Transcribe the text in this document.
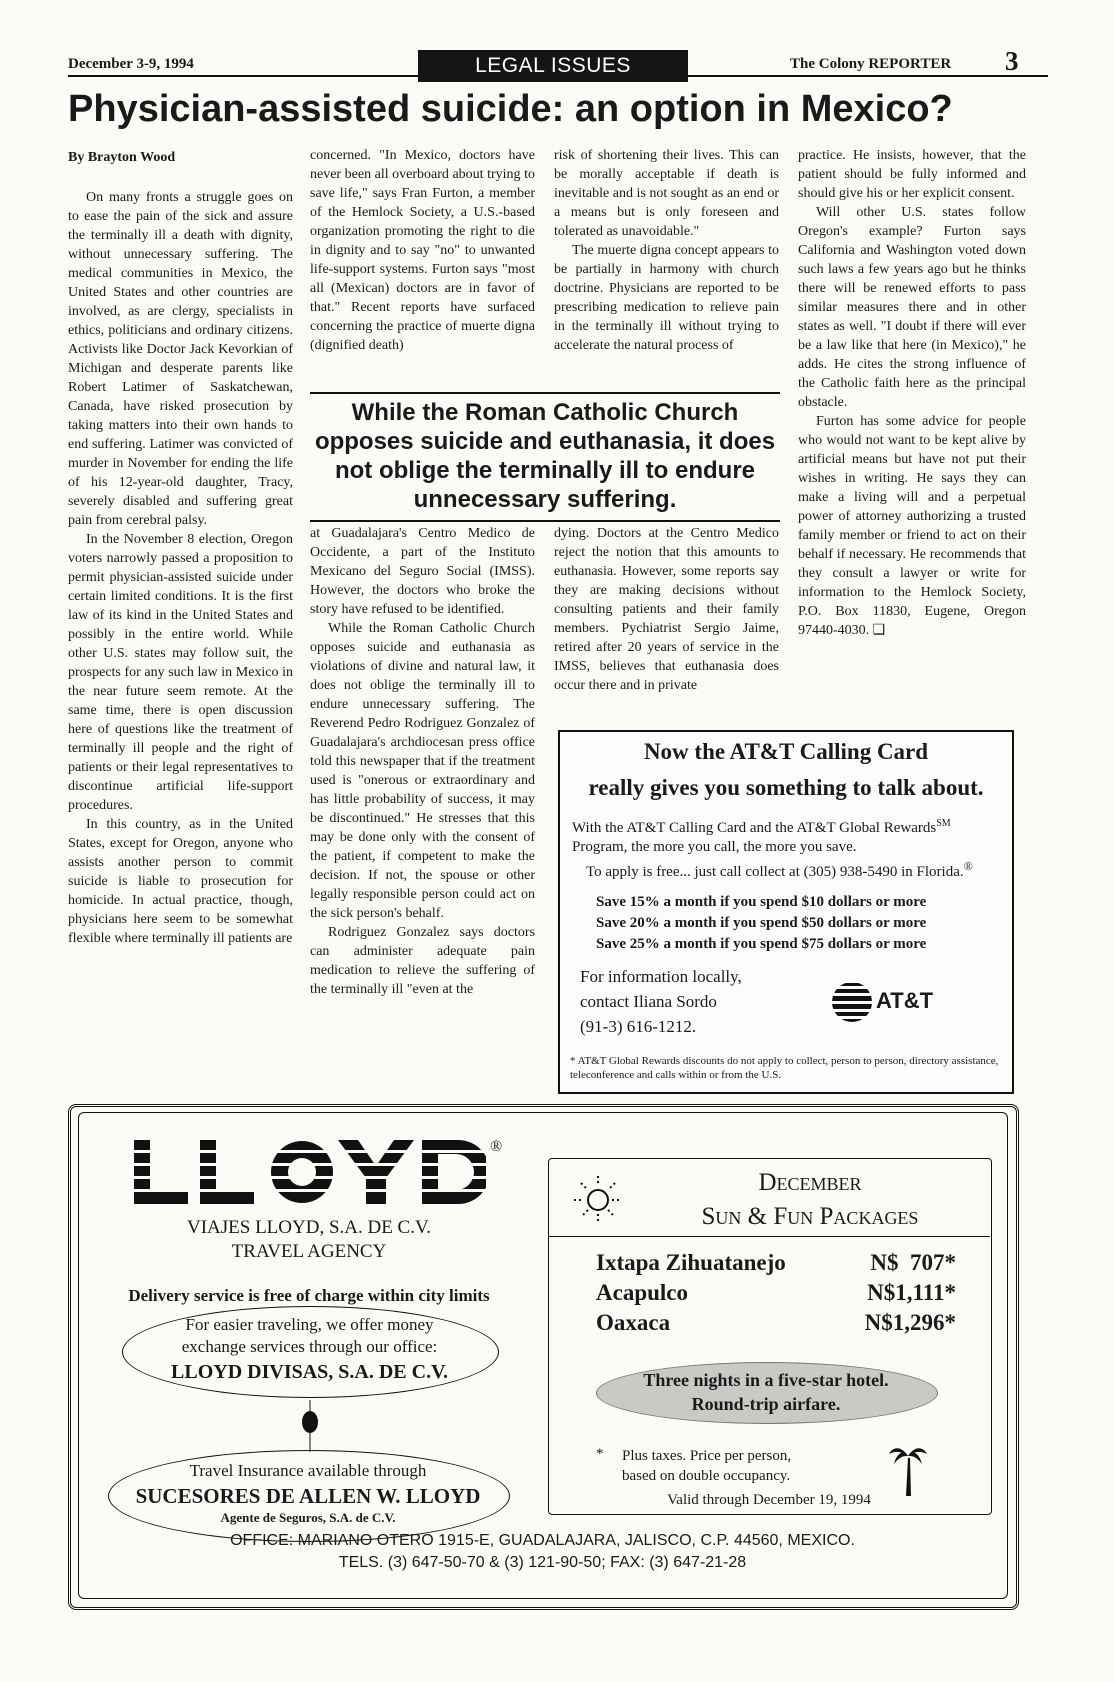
December 3-9, 1994	LEGAL ISSUES	The Colony REPORTER 3
Physician-assisted suicide: an option in Mexico?
By Brayton Wood

On many fronts a struggle goes on to ease the pain of the sick and assure the terminally ill a death with dignity, without unnecessary suffering. The medical communities in Mexico, the United States and other countries are involved, as are clergy, specialists in ethics, politicians and ordinary citizens. Activists like Doctor Jack Kevorkian of Michigan and desperate parents like Robert Latimer of Saskatchewan, Canada, have risked prosecution by taking matters into their own hands to end suffering. Latimer was convicted of murder in November for ending the life of his 12-year-old daughter, Tracy, severely disabled and suffering great pain from cerebral palsy.

In the November 8 election, Oregon voters narrowly passed a proposition to permit physician-assisted suicide under certain limited conditions. It is the first law of its kind in the United States and possibly in the entire world. While other U.S. states may follow suit, the prospects for any such law in Mexico in the near future seem remote. At the same time, there is open discussion here of questions like the treatment of terminally ill people and the right of patients or their legal representatives to discontinue artificial life-support procedures.

In this country, as in the United States, except for Oregon, anyone who assists another person to commit suicide is liable to prosecution for homicide. In actual practice, though, physicians here seem to be somewhat flexible where terminally ill patients are

concerned. "In Mexico, doctors have never been all overboard about trying to save life," says Fran Furton, a member of the Hemlock Society, a U.S.-based organization promoting the right to die in dignity and to say "no" to unwanted life-support systems. Furton says "most all (Mexican) doctors are in favor of that." Recent reports have surfaced concerning the practice of muerte digna (dignified death)

risk of shortening their lives. This can be morally acceptable if death is inevitable and is not sought as an end or a means but is only foreseen and tolerated as unavoidable."

The muerte digna concept appears to be partially in harmony with church doctrine. Physicians are reported to be prescribing medication to relieve pain in the terminally ill without trying to accelerate the natural process of

While the Roman Catholic Church opposes suicide and euthanasia, it does not oblige the terminally ill to endure unnecessary suffering.

at Guadalajara's Centro Medico de Occidente, a part of the Instituto Mexicano del Seguro Social (IMSS). However, the doctors who broke the story have refused to be identified.

While the Roman Catholic Church opposes suicide and euthanasia as violations of divine and natural law, it does not oblige the terminally ill to endure unnecessary suffering. The Reverend Pedro Rodriguez Gonzalez of Guadalajara's archdiocesan press office told this newspaper that if the treatment used is "onerous or extraordinary and has little probability of success, it may be discontinued." He stresses that this may be done only with the consent of the patient, if competent to make the decision. If not, the spouse or other legally responsible person could act on the sick person's behalf.

Rodriguez Gonzalez says doctors can administer adequate pain medication to relieve the suffering of the terminally ill "even at the

dying. Doctors at the Centro Medico reject the notion that this amounts to euthanasia. However, some reports say they are making decisions without consulting patients and their family members. Pychiatrist Sergio Jaime, retired after 20 years of service in the IMSS, believes that euthanasia does occur there and in private

practice. He insists, however, that the patient should be fully informed and should give his or her explicit consent.

Will other U.S. states follow Oregon's example? Furton says California and Washington voted down such laws a few years ago but he thinks there will be renewed efforts to pass similar measures there and in other states as well. "I doubt if there will ever be a law like that here (in Mexico)," he adds. He cites the strong influence of the Catholic faith here as the principal obstacle.

Furton has some advice for people who would not want to be kept alive by artificial means but have not put their wishes in writing. He says they can make a living will and a perpetual power of attorney authorizing a trusted family member or friend to act on their behalf if necessary. He recommends that they consult a lawyer or write for information to the Hemlock Society, P.O. Box 11830, Eugene, Oregon 97440-4030. ❑

Now the AT&T Calling Card
really gives you something to talk about.
With the AT&T Calling Card and the AT&T Global Rewards℠
Program, the more you call, the more you save.
To apply is free... just call collect at (305) 938-5490 in Florida.®
Save 15% a month if you spend $10 dollars or more
Save 20% a month if you spend $50 dollars or more
Save 25% a month if you spend $75 dollars or more
For information locally,
contact Iliana Sordo
(91-3) 616-1212.
AT&T
* AT&T Global Rewards discounts do not apply to collect, person to person, directory assistance, teleconference and calls within or from the U.S.
®
VIAJES LLOYD, S.A. DE C.V.
TRAVEL AGENCY
Delivery service is free of charge within city limits
For easier traveling, we offer money
exchange services through our office:
LLOYD DIVISAS, S.A. DE C.V.
Travel Insurance available through
SUCESORES DE ALLEN W. LLOYD
Agente de Seguros, S.A. de C.V.
December
Sun & Fun Packages
Ixtapa Zihuatanejo	N$  707*
Acapulco	N$1,111*
Oaxaca	N$1,296*
Three nights in a five-star hotel.
Round-trip airfare.
* Plus taxes. Price per person,
based on double occupancy.
Valid through December 19, 1994
OFFICE: MARIANO OTERO 1915-E, GUADALAJARA, JALISCO, C.P. 44560, MEXICO.
TELS. (3) 647-50-70 & (3) 121-90-50; FAX: (3) 647-21-28
